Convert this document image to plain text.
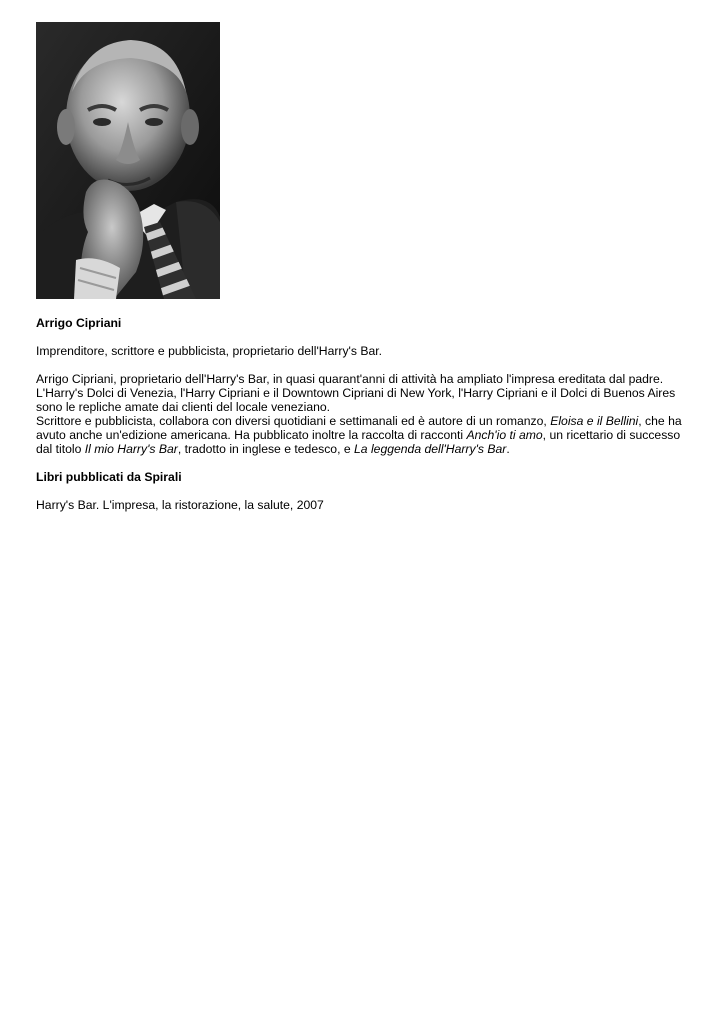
Arrigo Cipriani

Imprenditore, scrittore e pubblicista, proprietario dell'Harry's Bar.

Arrigo Cipriani, proprietario dell'Harry's Bar, in quasi quarant'anni di attività ha ampliato l'impresa ereditata dal padre.

L'Harry's Dolci di Venezia, l'Harry Cipriani e il Downtown Cipriani di New York, l'Harry Cipriani e il Dolci di Buenos Aires sono le repliche amate dai clienti del locale veneziano.

Scrittore e pubblicista, collabora con diversi quotidiani e settimanali ed è autore di un romanzo, Eloisa e il Bellini, che ha avuto anche un'edizione americana. Ha pubblicato inoltre la raccolta di racconti Anch'io ti amo, un ricettario di successo dal titolo Il mio Harry's Bar, tradotto in inglese e tedesco, e La leggenda dell'Harry's Bar.

Libri pubblicati da Spirali

Harry's Bar. L'impresa, la ristorazione, la salute, 2007
